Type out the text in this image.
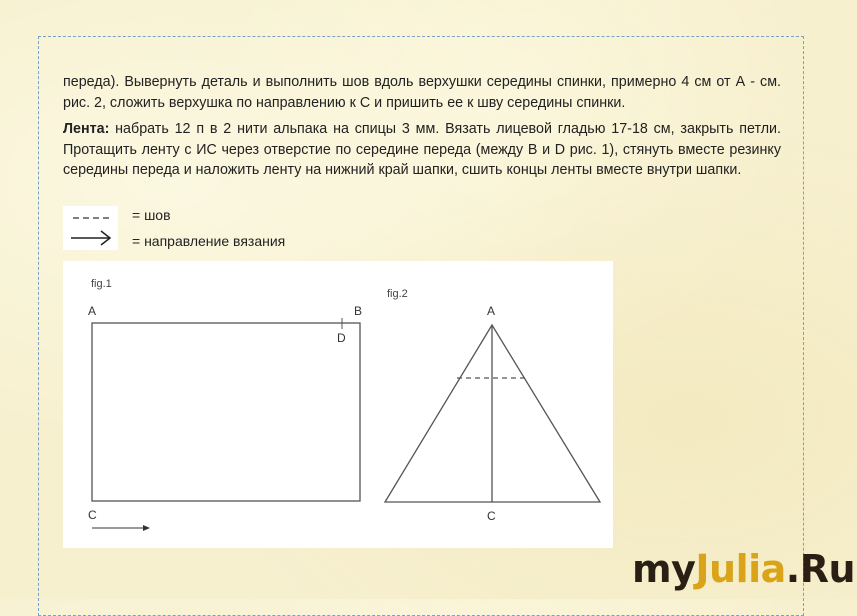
переда). Вывернуть деталь и выполнить шов вдоль верхушки середины спинки, примерно 4 см от А - см. рис. 2, сложить верхушка по направлению к С и пришить ее к шву середины спинки.

Лента: набрать 12 п в 2 нити альпака на спицы 3 мм. Вязать лицевой гладью 17-18 см, закрыть петли. Протащить ленту с ИС через отверстие по середине переда (между B и D рис. 1), стянуть вместе резинку середины переда и наложить ленту на нижний край шапки, сшить концы ленты вместе внутри шапки.

= шов
= направление вязания
fig.1
A	B
D
C
fig.2
A
C
myJulia.Ru
